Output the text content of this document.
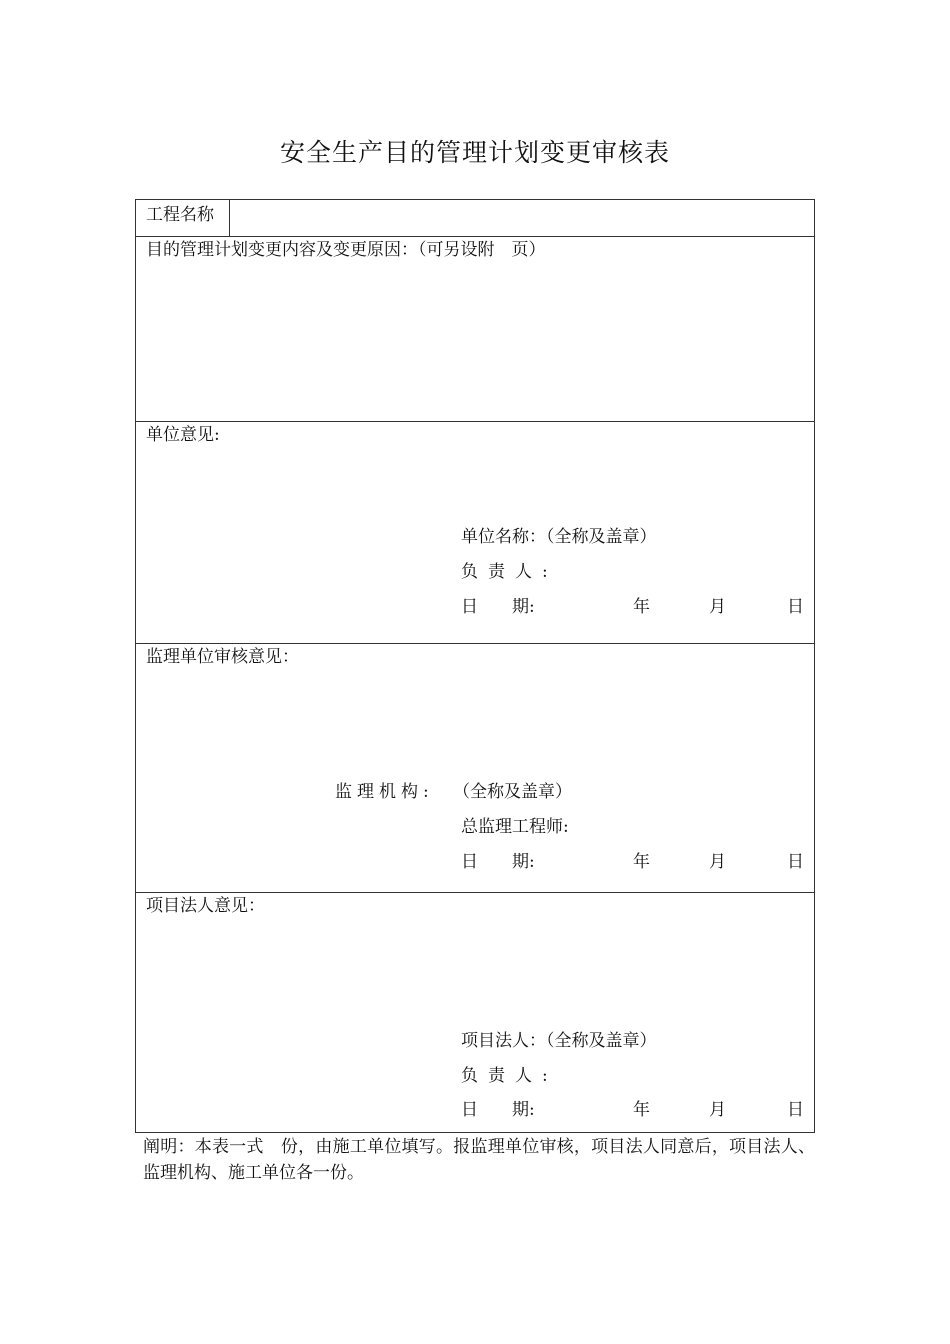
安全生产目的管理计划变更审核表
工程名称
目的管理计划变更内容及变更原因：（可另设附　页）
单位意见:
单位名称：（全称及盖章）
负责人:
日　　期:	年	月	日
监理单位审核意见：
监理机构: （全称及盖章）
总监理工程师:
日　　期:	年	月	日
项目法人意见：
项目法人：（全称及盖章）
负责人:
日　　期:	年	月	日
阐明：本表一式　份，由施工单位填写。报监理单位审核，项目法人同意后，项目法人、监理机构、施工单位各一份。
